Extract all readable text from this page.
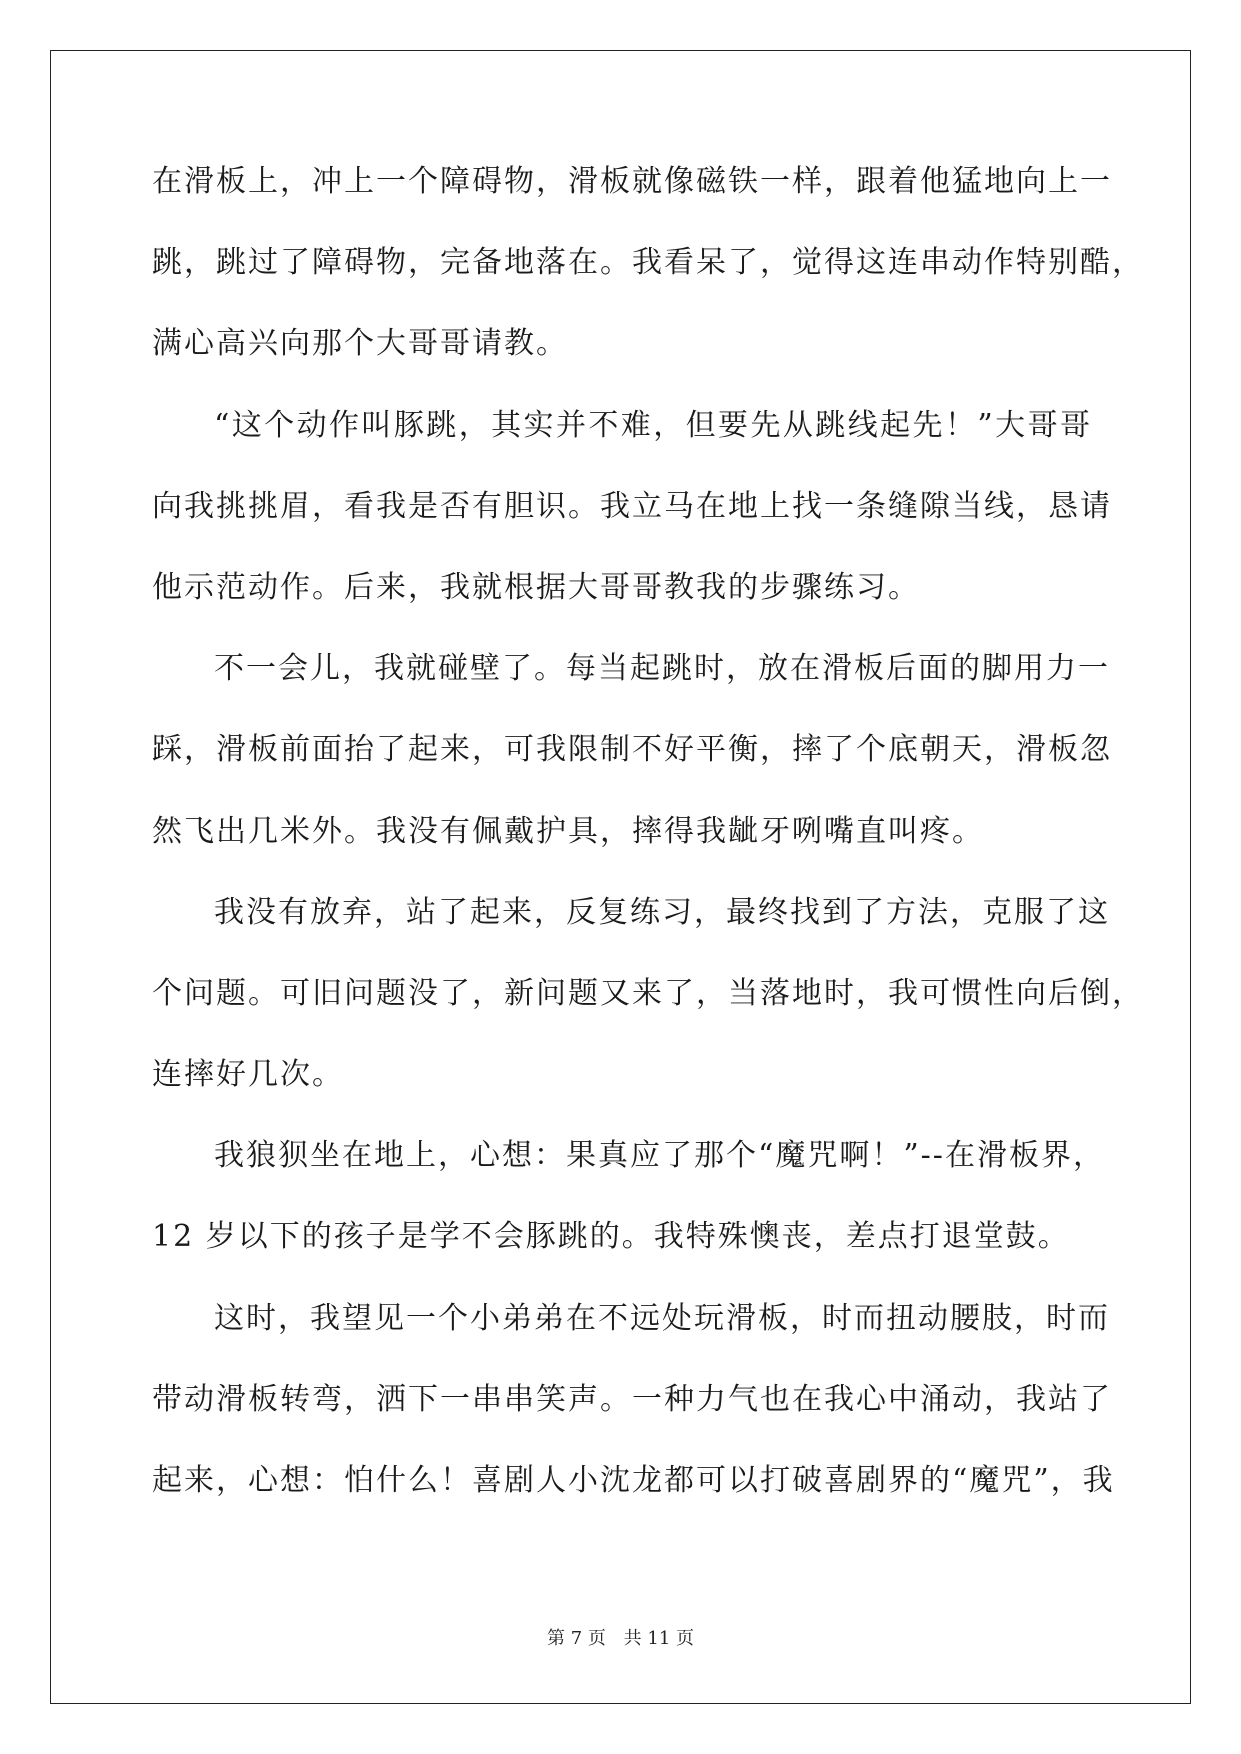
在滑板上，冲上一个障碍物，滑板就像磁铁一样，跟着他猛地向上一
跳，跳过了障碍物，完备地落在。我看呆了，觉得这连串动作特别酷，
满心高兴向那个大哥哥请教。
“这个动作叫豚跳，其实并不难，但要先从跳线起先！”大哥哥
向我挑挑眉，看我是否有胆识。我立马在地上找一条缝隙当线，恳请
他示范动作。后来，我就根据大哥哥教我的步骤练习。
不一会儿，我就碰壁了。每当起跳时，放在滑板后面的脚用力一
踩，滑板前面抬了起来，可我限制不好平衡，摔了个底朝天，滑板忽
然飞出几米外。我没有佩戴护具，摔得我龇牙咧嘴直叫疼。
我没有放弃，站了起来，反复练习，最终找到了方法，克服了这
个问题。可旧问题没了，新问题又来了，当落地时，我可惯性向后倒，
连摔好几次。
我狼狈坐在地上，心想：果真应了那个“魔咒啊！”--在滑板界，
12 岁以下的孩子是学不会豚跳的。我特殊懊丧，差点打退堂鼓。
这时，我望见一个小弟弟在不远处玩滑板，时而扭动腰肢，时而
带动滑板转弯，洒下一串串笑声。一种力气也在我心中涌动，我站了
起来，心想：怕什么！喜剧人小沈龙都可以打破喜剧界的“魔咒”，我
第 7 页 共 11 页
